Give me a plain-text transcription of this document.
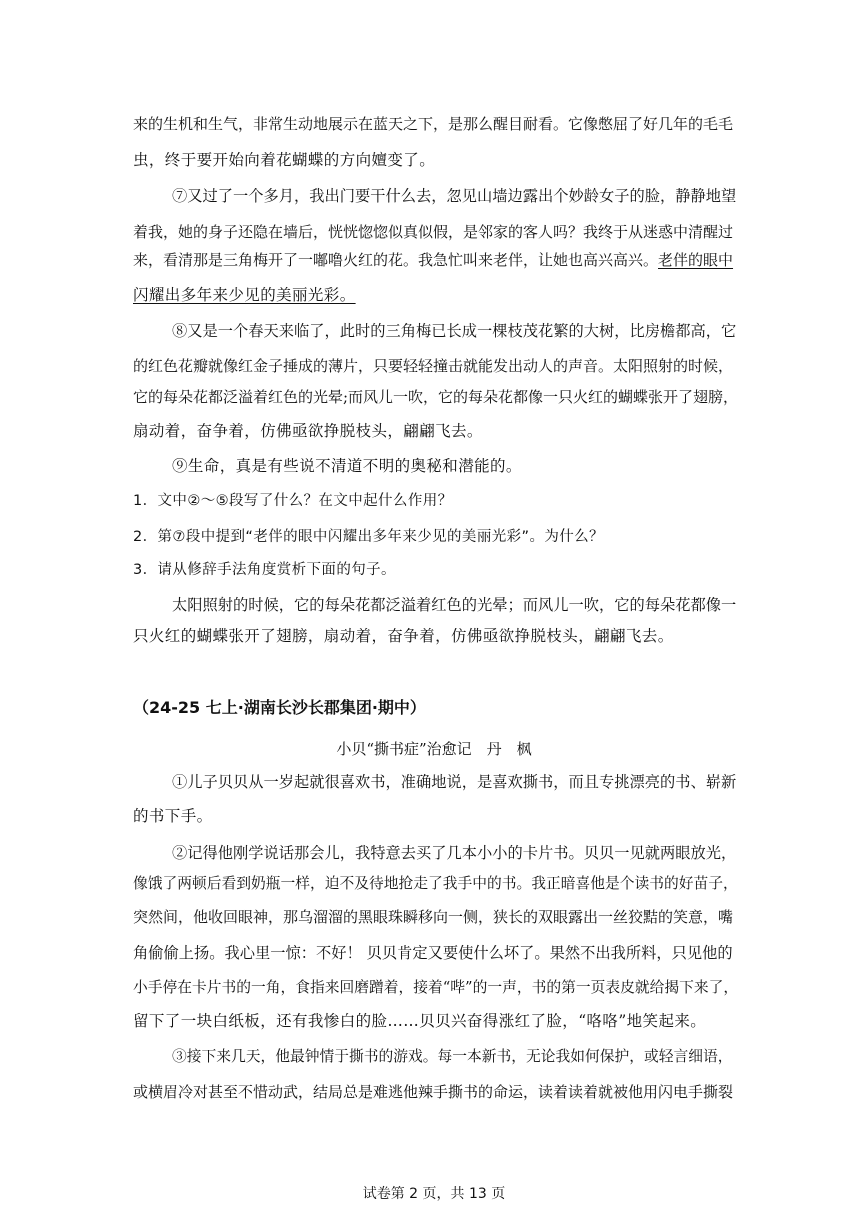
来的生机和生气，非常生动地展示在蓝天之下，是那么醒目耐看。它像憋屈了好几年的毛毛
虫，终于要开始向着花蝴蝶的方向嬗变了。
⑦又过了一个多月，我出门要干什么去，忽见山墙边露出个妙龄女子的脸，静静地望
着我，她的身子还隐在墙后，恍恍惚惚似真似假，是邻家的客人吗？我终于从迷惑中清醒过
来，看清那是三角梅开了一嘟噜火红的花。我急忙叫来老伴，让她也高兴高兴。老伴的眼中
闪耀出多年来少见的美丽光彩。
⑧又是一个春天来临了，此时的三角梅已长成一棵枝茂花繁的大树，比房檐都高，它
的红色花瓣就像红金子捶成的薄片，只要轻轻撞击就能发出动人的声音。太阳照射的时候，
它的每朵花都泛溢着红色的光晕;而风儿一吹，它的每朵花都像一只火红的蝴蝶张开了翅膀，
扇动着，奋争着，仿佛亟欲挣脱枝头，翩翩飞去。
⑨生命，真是有些说不清道不明的奥秘和潜能的。
1．文中②～⑤段写了什么？在文中起什么作用？
2．第⑦段中提到“老伴的眼中闪耀出多年来少见的美丽光彩”。为什么？
3．请从修辞手法角度赏析下面的句子。
太阳照射的时候，它的每朵花都泛溢着红色的光晕；而风儿一吹，它的每朵花都像一
只火红的蝴蝶张开了翅膀，扇动着，奋争着，仿佛亟欲挣脱枝头，翩翩飞去。
（24-25 七上·湖南长沙长郡集团·期中）
小贝“撕书症”治愈记　丹　枫
①儿子贝贝从一岁起就很喜欢书，准确地说，是喜欢撕书，而且专挑漂亮的书、崭新
的书下手。
②记得他刚学说话那会儿，我特意去买了几本小小的卡片书。贝贝一见就两眼放光，
像饿了两顿后看到奶瓶一样，迫不及待地抢走了我手中的书。我正暗喜他是个读书的好苗子，
突然间，他收回眼神，那乌溜溜的黑眼珠瞬移向一侧，狭长的双眼露出一丝狡黠的笑意，嘴
角偷偷上扬。我心里一惊：不好！ 贝贝肯定又要使什么坏了。果然不出我所料，只见他的
小手停在卡片书的一角，食指来回磨蹭着，接着“哔”的一声，书的第一页表皮就给揭下来了，
留下了一块白纸板，还有我惨白的脸……贝贝兴奋得涨红了脸，“咯咯”地笑起来。
③接下来几天，他最钟情于撕书的游戏。每一本新书，无论我如何保护，或轻言细语，
或横眉冷对甚至不惜动武，结局总是难逃他辣手撕书的命运，读着读着就被他用闪电手撕裂
试卷第 2 页，共 13 页
